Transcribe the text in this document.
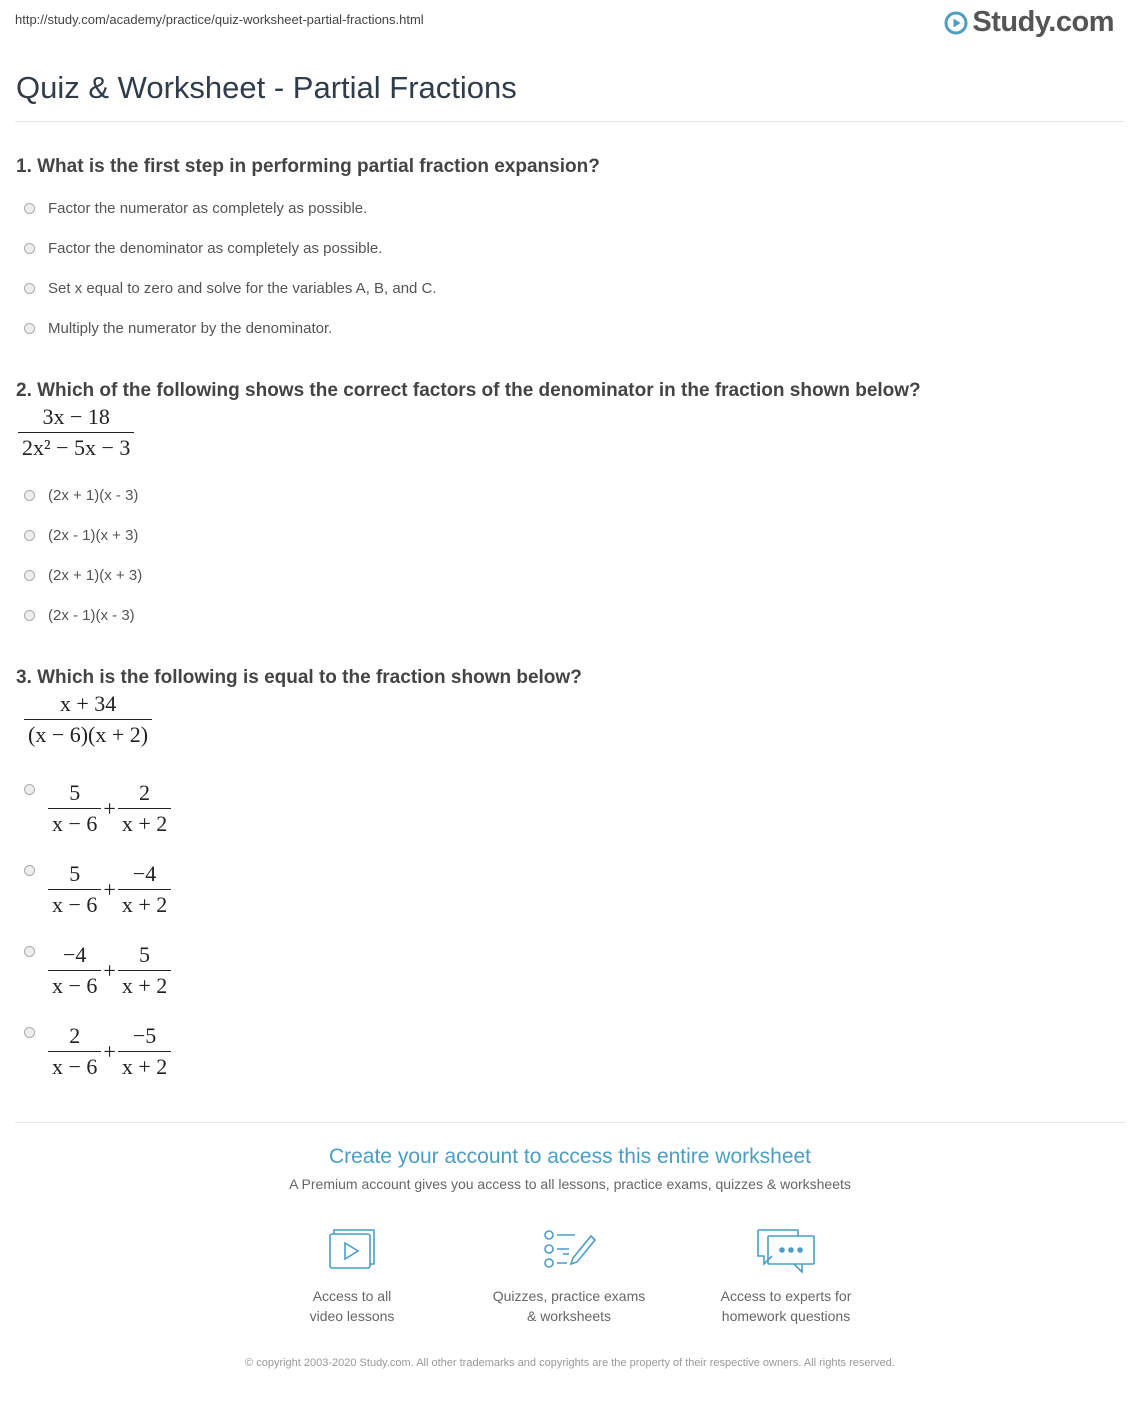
http://study.com/academy/practice/quiz-worksheet-partial-fractions.html	Study.com
Quiz & Worksheet - Partial Fractions
1. What is the first step in performing partial fraction expansion?
Factor the numerator as completely as possible.
Factor the denominator as completely as possible.
Set x equal to zero and solve for the variables A, B, and C.
Multiply the numerator by the denominator.
2. Which of the following shows the correct factors of the denominator in the fraction shown below?
$\frac{3x - 18}{\text{2x² − 5x − 3}}$
(2x + 1)(x - 3)
(2x - 1)(x + 3)
(2x + 1)(x + 3)
(2x - 1)(x - 3)
3. Which is the following is equal to the fraction shown below?
$\frac{x + 34}{(x - 6)(x + 2)}$
$\frac{5}{x - 6} + \frac{2}{x + 2}$
$\frac{5}{x - 6} + \frac{-4}{x + 2}$
$\frac{-4}{x - 6} + \frac{5}{x + 2}$
$\frac{2}{x - 6} + \frac{-5}{x + 2}$
Create your account to access this entire worksheet
A Premium account gives you access to all lessons, practice exams, quizzes & worksheets
Access to all
video lessons
Quizzes, practice exams
& worksheets
Access to experts for
homework questions
© copyright 2003-2020 Study.com. All other trademarks and copyrights are the property of their respective owners. All rights reserved.
